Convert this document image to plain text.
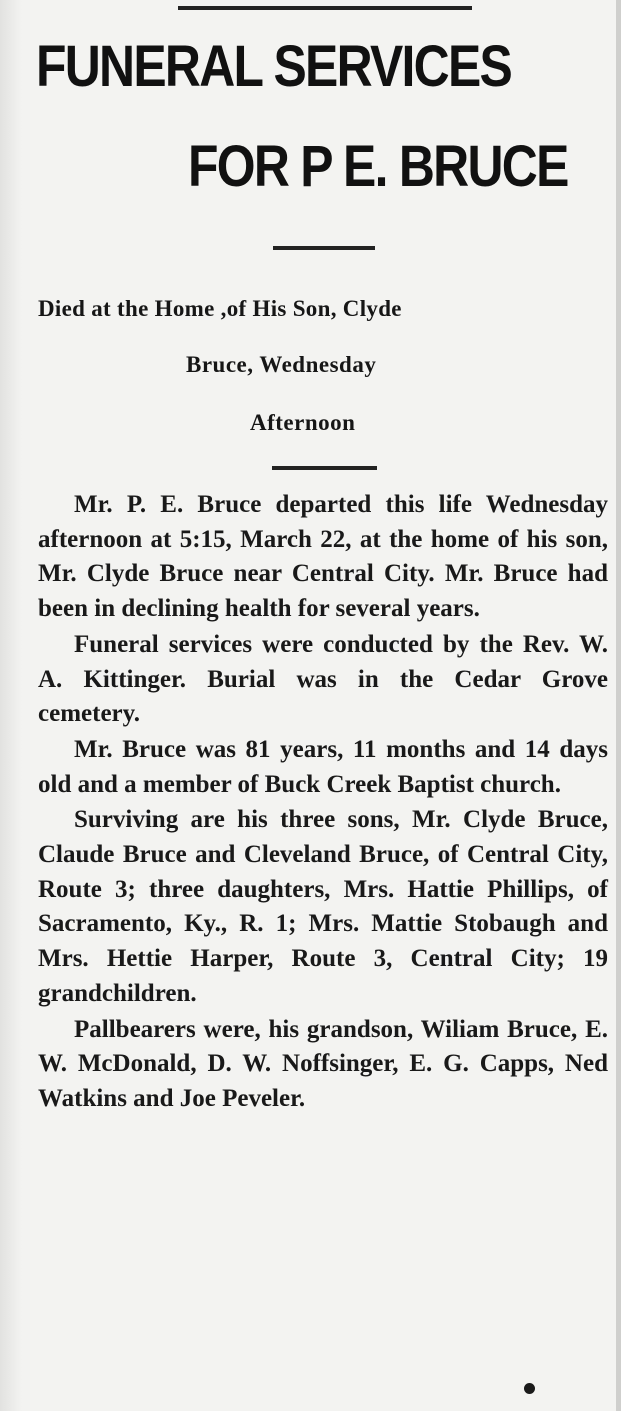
FUNERAL SERVICES
FOR P E. BRUCE
Died at the Home ,of His Son, Clyde
Bruce, Wednesday
Afternoon

Mr. P. E. Bruce departed this life Wednesday afternoon at 5:15, March 22, at the home of his son, Mr. Clyde Bruce near Central City. Mr. Bruce had been in declining health for several years.

Funeral services were conducted by the Rev. W. A. Kittinger. Burial was in the Cedar Grove cemetery.

Mr. Bruce was 81 years, 11 months and 14 days old and a member of Buck Creek Baptist church.

Surviving are his three sons, Mr. Clyde Bruce, Claude Bruce and Cleveland Bruce, of Central City, Route 3; three daughters, Mrs. Hattie Phillips, of Sacramento, Ky., R. 1; Mrs. Mattie Stobaugh and Mrs. Hettie Harper, Route 3, Central City; 19 grandchildren.

Pallbearers were, his grandson, Wiliam Bruce, E. W. McDonald, D. W. Noffsinger, E. G. Capps, Ned Watkins and Joe Peveler.
